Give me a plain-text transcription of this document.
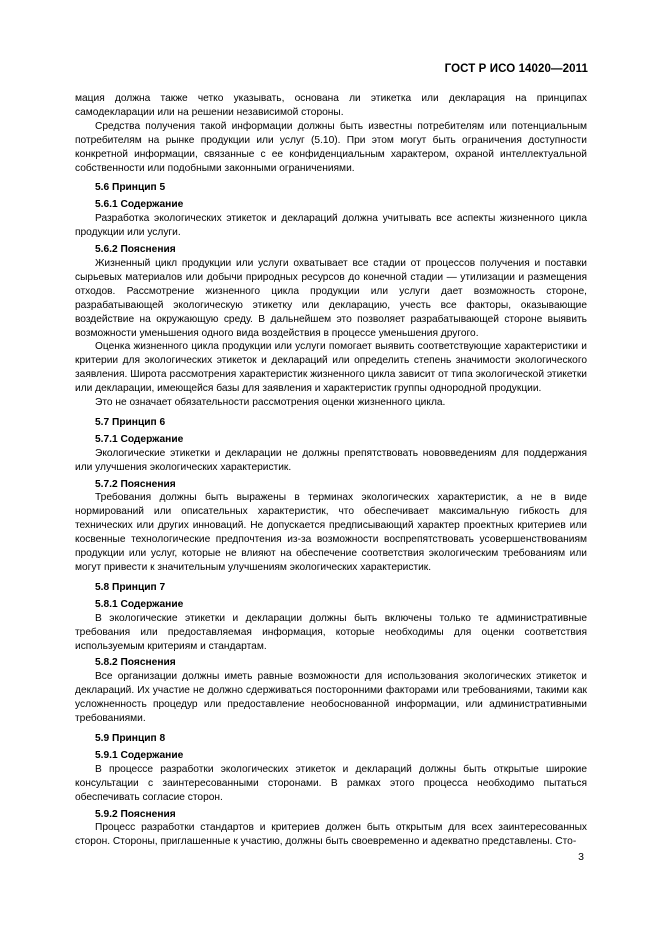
ГОСТ Р ИСО 14020—2011

мация должна также четко указывать, основана ли этикетка или декларация на принципах самодекларации или на решении независимой стороны.

Средства получения такой информации должны быть известны потребителям или потенциальным потребителям на рынке продукции или услуг (5.10). При этом могут быть ограничения доступности конкретной информации, связанные с ее конфиденциальным характером, охраной интеллектуальной собственности или подобными законными ограничениями.

5.6 Принцип 5

5.6.1 Содержание

Разработка экологических этикеток и деклараций должна учитывать все аспекты жизненного цикла продукции или услуги.

5.6.2 Пояснения

Жизненный цикл продукции или услуги охватывает все стадии от процессов получения и поставки сырьевых материалов или добычи природных ресурсов до конечной стадии — утилизации и размещения отходов. Рассмотрение жизненного цикла продукции или услуги дает возможность стороне, разрабатывающей экологическую этикетку или декларацию, учесть все факторы, оказывающие воздействие на окружающую среду. В дальнейшем это позволяет разрабатывающей стороне выявить возможности уменьшения одного вида воздействия в процессе уменьшения другого.

Оценка жизненного цикла продукции или услуги помогает выявить соответствующие характеристики и критерии для экологических этикеток и деклараций или определить степень значимости экологического заявления. Широта рассмотрения характеристик жизненного цикла зависит от типа экологической этикетки или декларации, имеющейся базы для заявления и характеристик группы однородной продукции.

Это не означает обязательности рассмотрения оценки жизненного цикла.

5.7 Принцип 6

5.7.1 Содержание

Экологические этикетки и декларации не должны препятствовать нововведениям для поддержания или улучшения экологических характеристик.

5.7.2 Пояснения

Требования должны быть выражены в терминах экологических характеристик, а не в виде нормирований или описательных характеристик, что обеспечивает максимальную гибкость для технических или других инноваций. Не допускается предписывающий характер проектных критериев или косвенные технологические предпочтения из-за возможности воспрепятствовать усовершенствованиям продукции или услуг, которые не влияют на обеспечение соответствия экологическим требованиям или могут привести к значительным улучшениям экологических характеристик.

5.8 Принцип 7

5.8.1 Содержание

В экологические этикетки и декларации должны быть включены только те административные требования или предоставляемая информация, которые необходимы для оценки соответствия используемым критериям и стандартам.

5.8.2 Пояснения

Все организации должны иметь равные возможности для использования экологических этикеток и деклараций. Их участие не должно сдерживаться посторонними факторами или требованиями, такими как усложненность процедур или предоставление необоснованной информации, или административными требованиями.

5.9 Принцип 8

5.9.1 Содержание

В процессе разработки экологических этикеток и деклараций должны быть открытые широкие консультации с заинтересованными сторонами. В рамках этого процесса необходимо пытаться обеспечивать согласие сторон.

5.9.2 Пояснения

Процесс разработки стандартов и критериев должен быть открытым для всех заинтересованных сторон. Стороны, приглашенные к участию, должны быть своевременно и адекватно представлены. Сто-

3
